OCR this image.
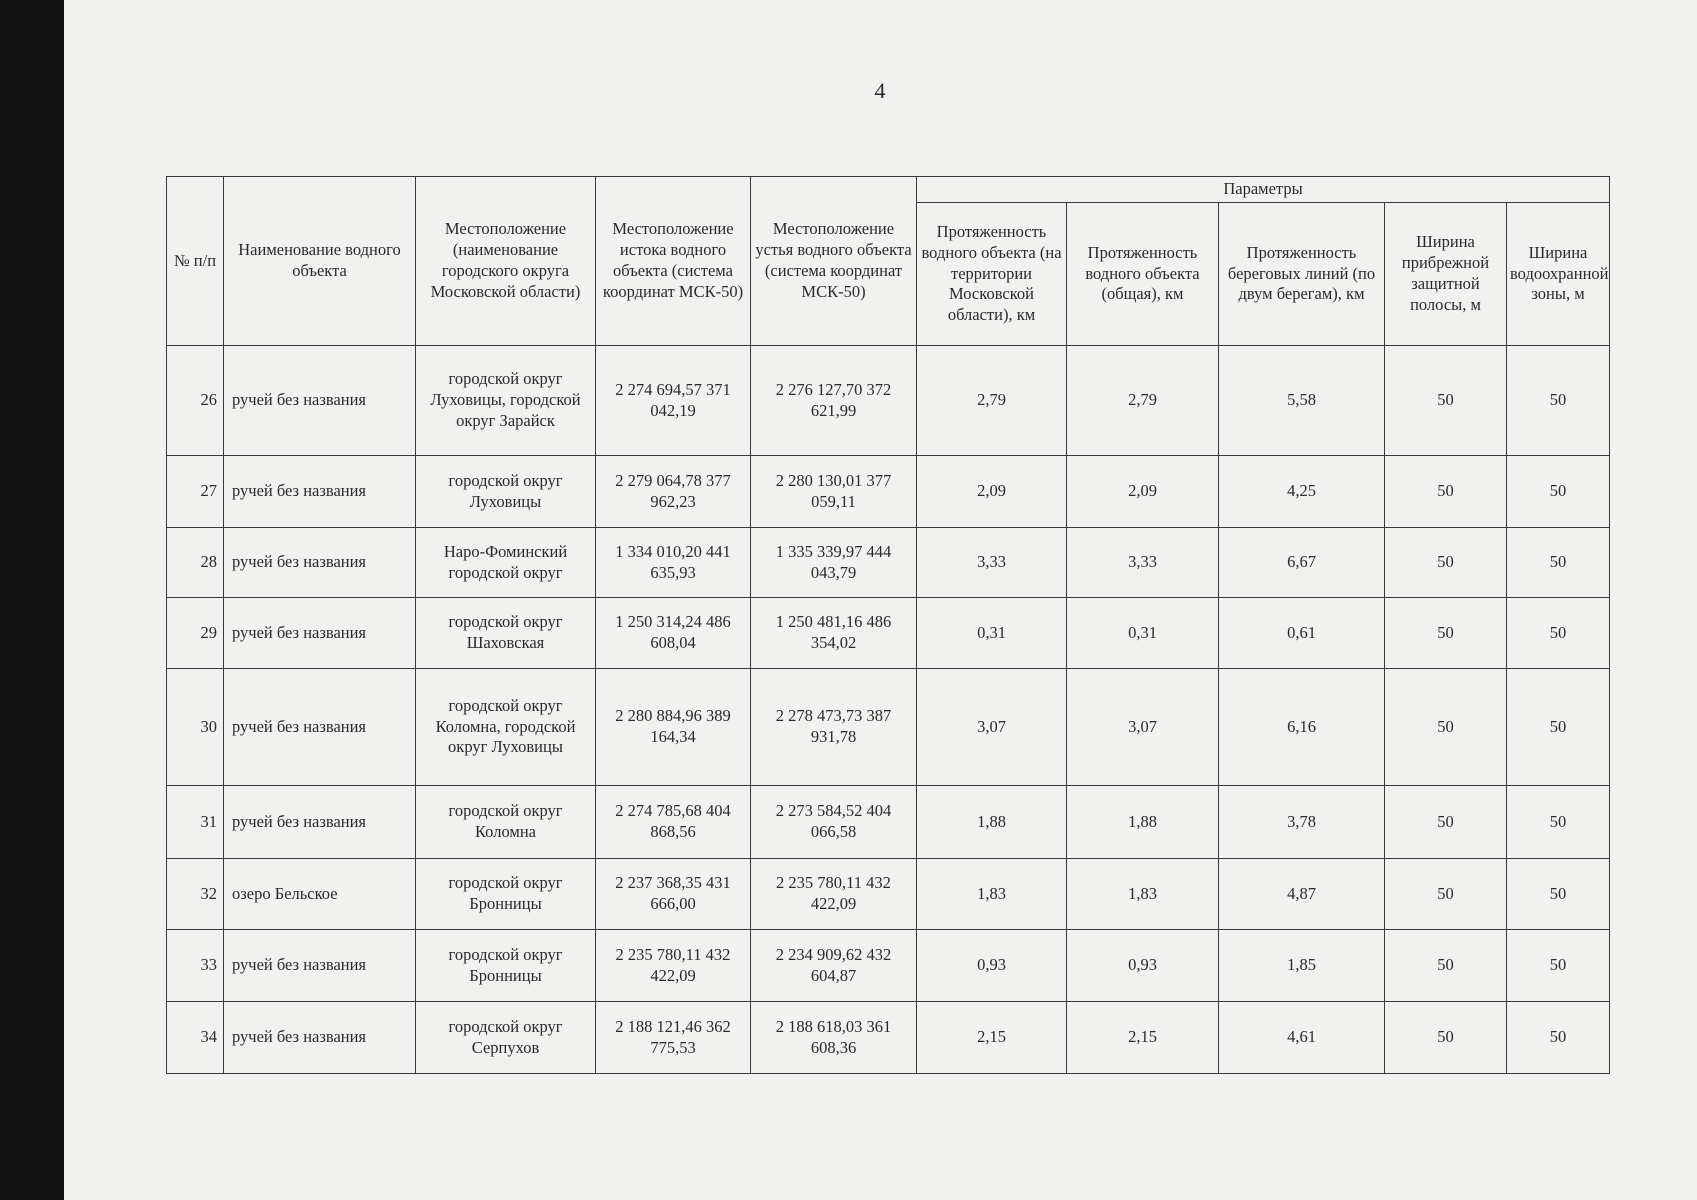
4
№ п/п	Наименование водного объекта	Местоположение (наименование городского округа Московской области)	Местоположение истока водного объекта (система координат МСК-50)	Местоположение устья водного объекта (система координат МСК-50)	Параметры				
					Протяженность водного объекта (на территории Московской области), км	Протяженность водного объекта (общая), км	Протяженность береговых линий (по двум берегам), км	Ширина прибрежной защитной полосы, м	Ширина водоохранной зоны, м
26	ручей без названия	городской округ Луховицы, городской округ Зарайск	2 274 694,57 371 042,19	2 276 127,70 372 621,99	2,79	2,79	5,58	50	50
27	ручей без названия	городской округ Луховицы	2 279 064,78 377 962,23	2 280 130,01 377 059,11	2,09	2,09	4,25	50	50
28	ручей без названия	Наро-Фоминский городской округ	1 334 010,20 441 635,93	1 335 339,97 444 043,79	3,33	3,33	6,67	50	50
29	ручей без названия	городской округ Шаховская	1 250 314,24 486 608,04	1 250 481,16 486 354,02	0,31	0,31	0,61	50	50
30	ручей без названия	городской округ Коломна, городской округ Луховицы	2 280 884,96 389 164,34	2 278 473,73 387 931,78	3,07	3,07	6,16	50	50
31	ручей без названия	городской округ Коломна	2 274 785,68 404 868,56	2 273 584,52 404 066,58	1,88	1,88	3,78	50	50
32	озеро Бельское	городской округ Бронницы	2 237 368,35 431 666,00	2 235 780,11 432 422,09	1,83	1,83	4,87	50	50
33	ручей без названия	городской округ Бронницы	2 235 780,11 432 422,09	2 234 909,62 432 604,87	0,93	0,93	1,85	50	50
34	ручей без названия	городской округ Серпухов	2 188 121,46 362 775,53	2 188 618,03 361 608,36	2,15	2,15	4,61	50	50
